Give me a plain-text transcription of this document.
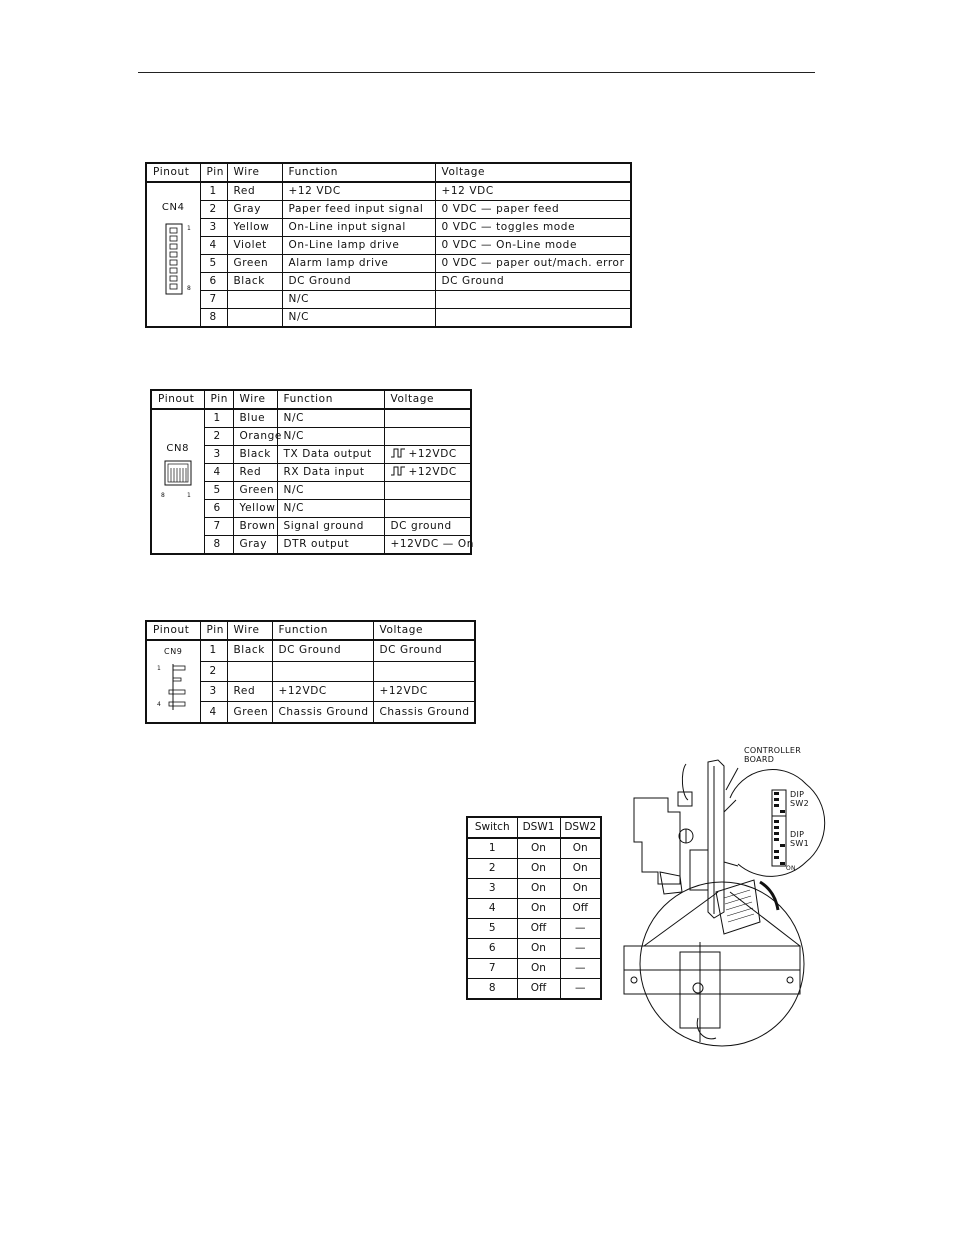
Pinout	Pin	Wire	Function	Voltage

CN4
1
8	1	Red	+12 VDC	+12 VDC
	2	Gray	Paper feed input signal	0 VDC — paper feed
	3	Yellow	On-Line input signal	0 VDC — toggles mode
	4	Violet	On-Line lamp drive	0 VDC — On-Line mode
	5	Green	Alarm lamp drive	0 VDC — paper out/mach. error
	6	Black	DC Ground	DC Ground
	7		N/C	
	8		N/C	
Pinout	Pin	Wire	Function	Voltage

CN8
8 1	1	Blue	N/C	
	2	Orange	N/C	
	3	Black	TX Data output	+12VDC
	4	Red	RX Data input	+12VDC
	5	Green	N/C	
	6	Yellow	N/C	
	7	Brown	Signal ground	DC ground
	8	Gray	DTR output	+12VDC — On
Pinout	Pin	Wire	Function	Voltage

CN9
1
4	1	Black	DC Ground	DC Ground
	2			
	3	Red	+12VDC	+12VDC
	4	Green	Chassis Ground	Chassis Ground
Switch	DSW1	DSW2
1	On	On
2	On	On
3	On	On
4	On	Off
5	Off	—
6	On	—
7	On	—
8	Off	—
CONTROLLER
BOARD
DIP
SW2
DIP
SW1
ON
